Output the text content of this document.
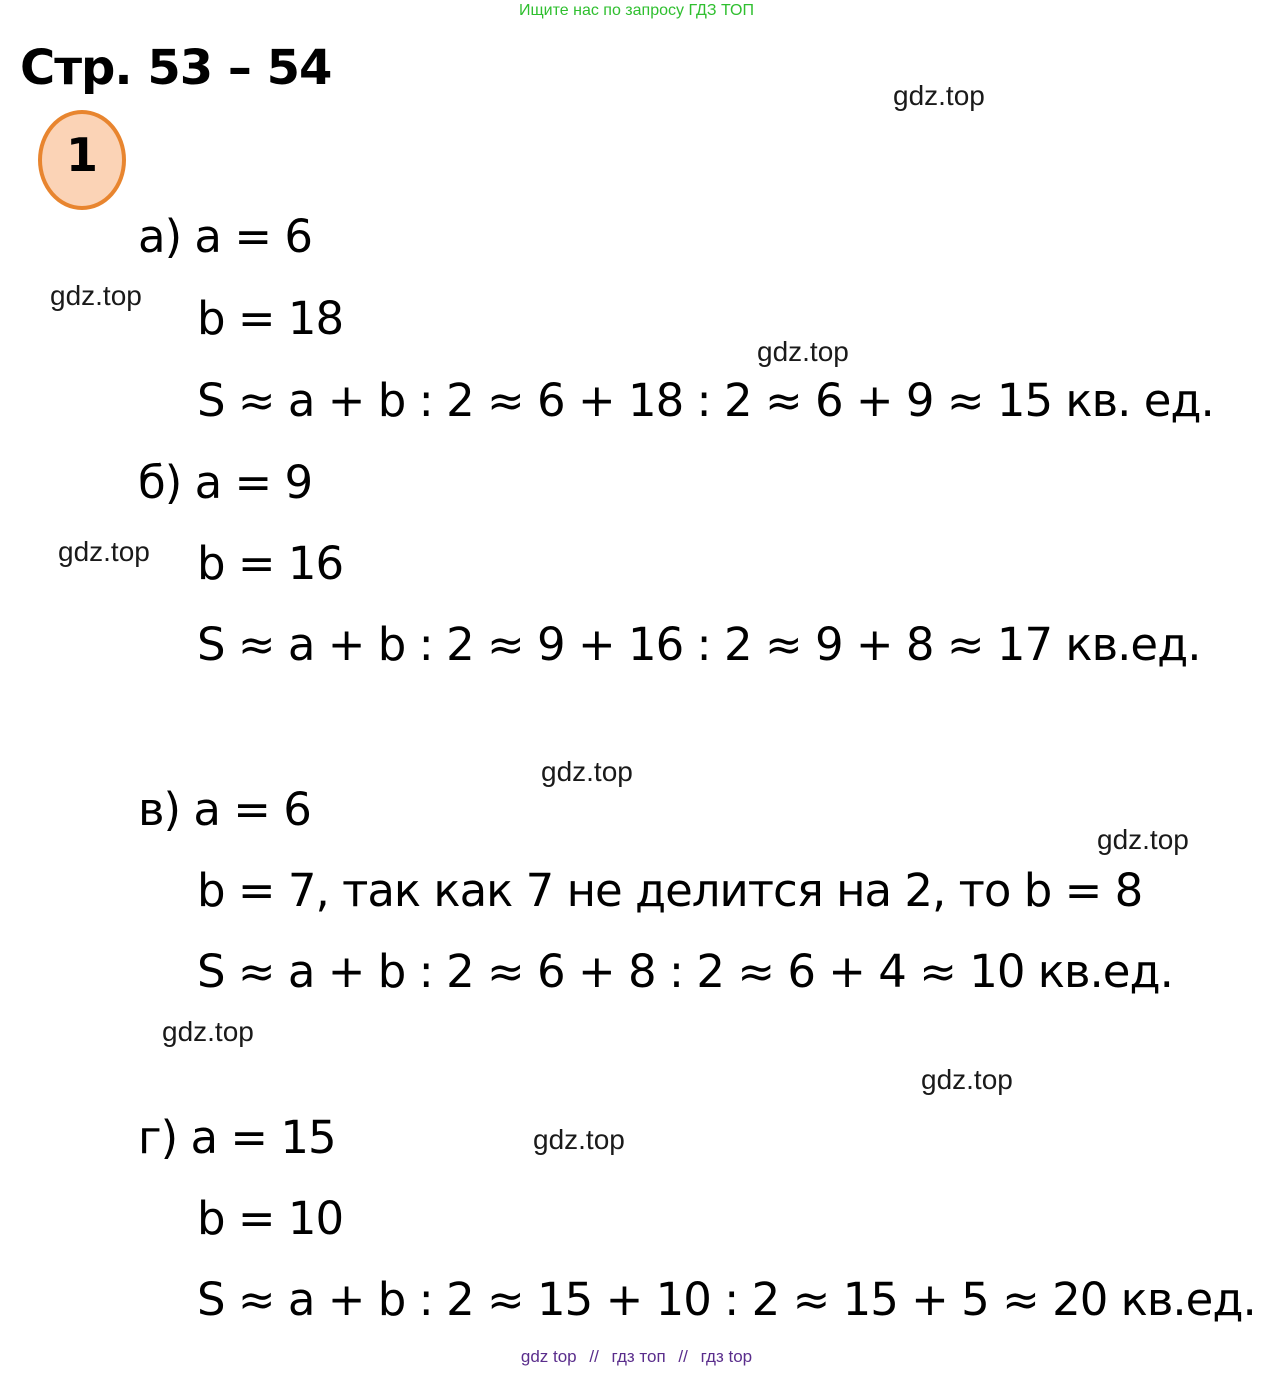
Ищите нас по запросу ГДЗ ТОП
Стр. 53 – 54
1
а) a = 6
b = 18
S ≈ a + b : 2 ≈ 6 + 18 : 2 ≈ 6 + 9 ≈ 15 кв. ед.
б) a = 9
b = 16
S ≈ a + b : 2 ≈ 9 + 16 : 2 ≈ 9 + 8 ≈ 17 кв.ед.
в) a = 6
b = 7, так как 7 не делится на 2, то b = 8
S ≈ a + b : 2 ≈ 6 + 8 : 2 ≈ 6 + 4 ≈ 10 кв.ед.
г) a = 15
b = 10
S ≈ a + b : 2 ≈ 15 + 10 : 2 ≈ 15 + 5 ≈ 20 кв.ед.
gdz.top
gdz.top
gdz.top
gdz.top
gdz.top
gdz.top
gdz.top
gdz.top
gdz.top
gdz top // гдз топ // гдз top
